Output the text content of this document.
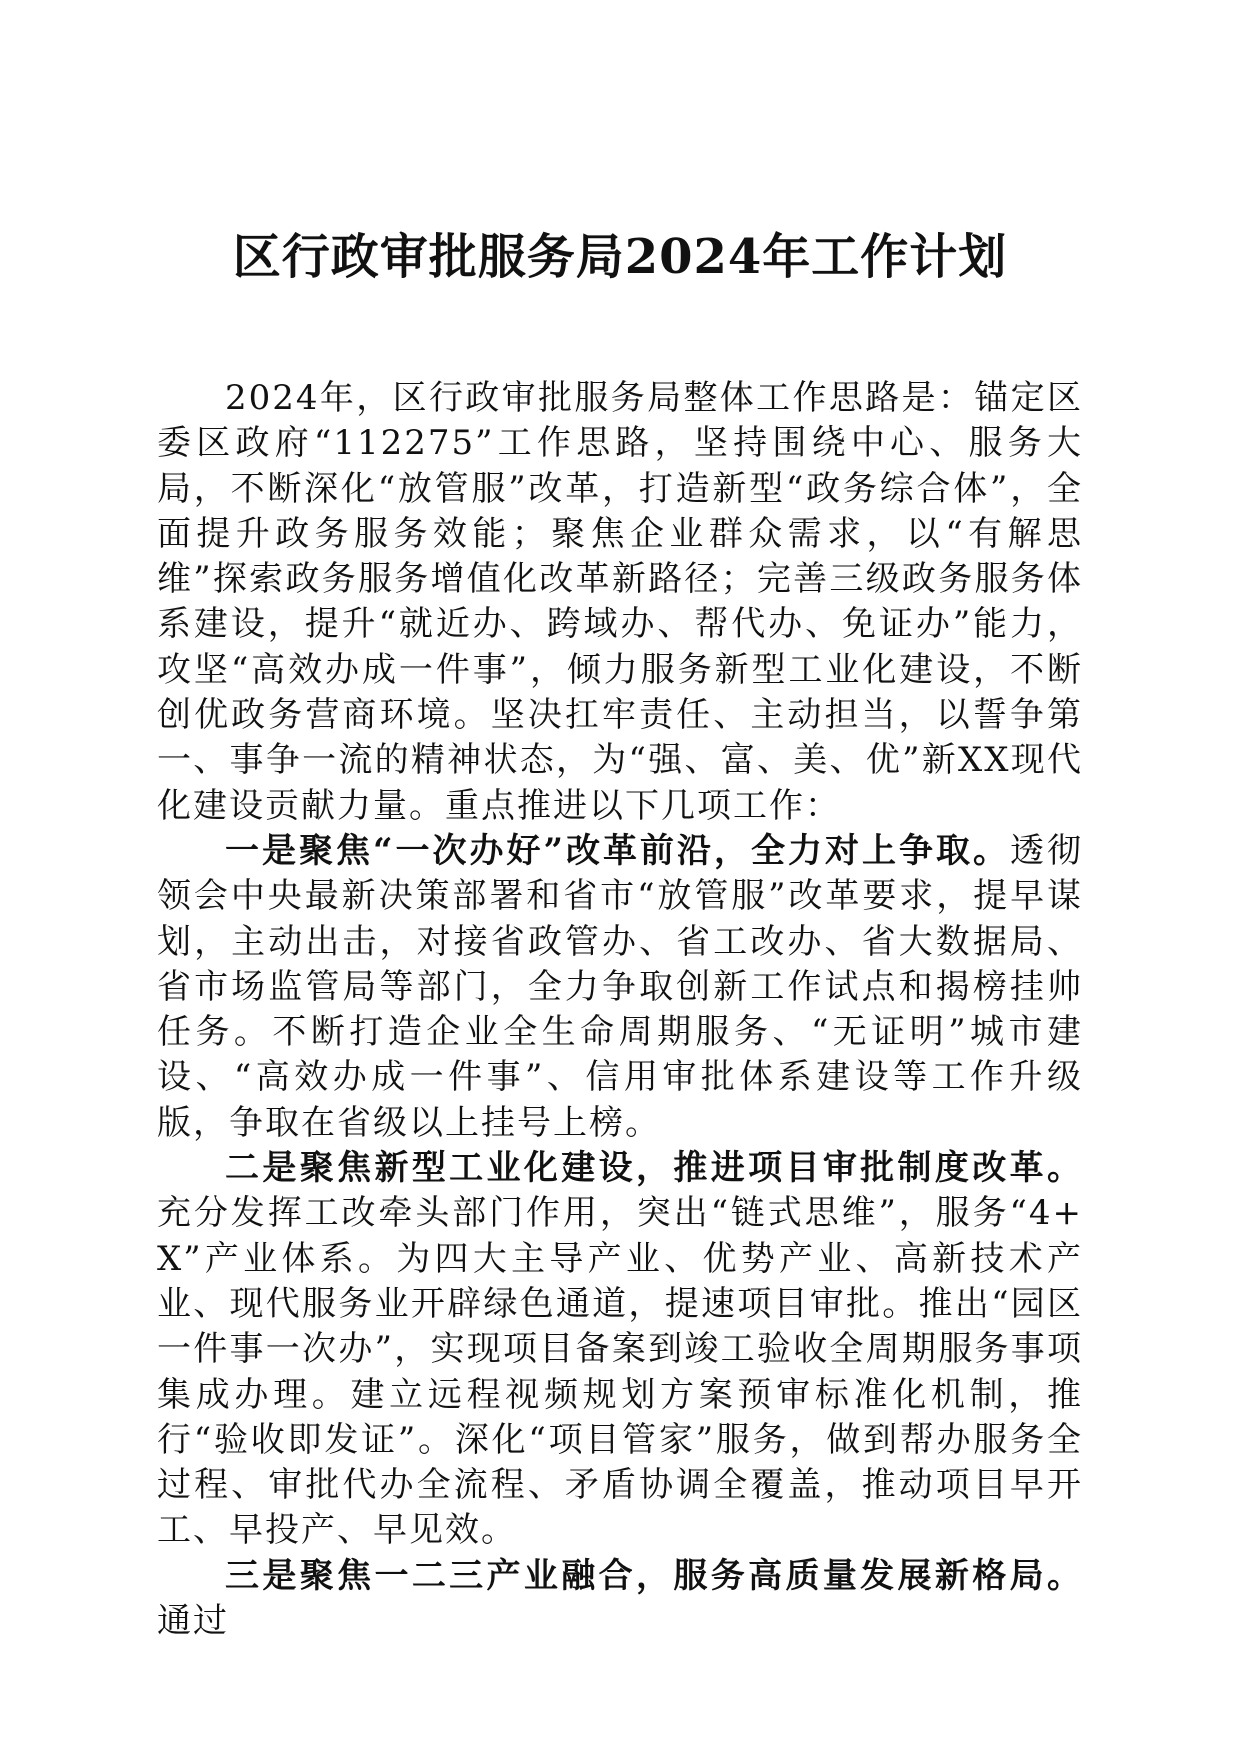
区行政审批服务局2024年工作计划

2024年，区行政审批服务局整体工作思路是：锚定区委区政府“112275”工作思路，坚持围绕中心、服务大局，不断深化“放管服”改革，打造新型“政务综合体”，全面提升政务服务效能；聚焦企业群众需求，以“有解思维”探索政务服务增值化改革新路径；完善三级政务服务体系建设，提升“就近办、跨域办、帮代办、免证办”能力，攻坚“高效办成一件事”，倾力服务新型工业化建设，不断创优政务营商环境。坚决扛牢责任、主动担当，以誓争第一、事争一流的精神状态，为“强、富、美、优”新XX现代化建设贡献力量。重点推进以下几项工作：

一是聚焦“一次办好”改革前沿，全力对上争取。透彻领会中央最新决策部署和省市“放管服”改革要求，提早谋划，主动出击，对接省政管办、省工改办、省大数据局、省市场监管局等部门，全力争取创新工作试点和揭榜挂帅任务。不断打造企业全生命周期服务、“无证明”城市建设、“高效办成一件事”、信用审批体系建设等工作升级版，争取在省级以上挂号上榜。

二是聚焦新型工业化建设，推进项目审批制度改革。充分发挥工改牵头部门作用，突出“链式思维”，服务“4+X”产业体系。为四大主导产业、优势产业、高新技术产业、现代服务业开辟绿色通道，提速项目审批。推出“园区一件事一次办”，实现项目备案到竣工验收全周期服务事项集成办理。建立远程视频规划方案预审标准化机制，推行“验收即发证”。深化“项目管家”服务，做到帮办服务全过程、审批代办全流程、矛盾协调全覆盖，推动项目早开工、早投产、早见效。

三是聚焦一二三产业融合，服务高质量发展新格局。通过
